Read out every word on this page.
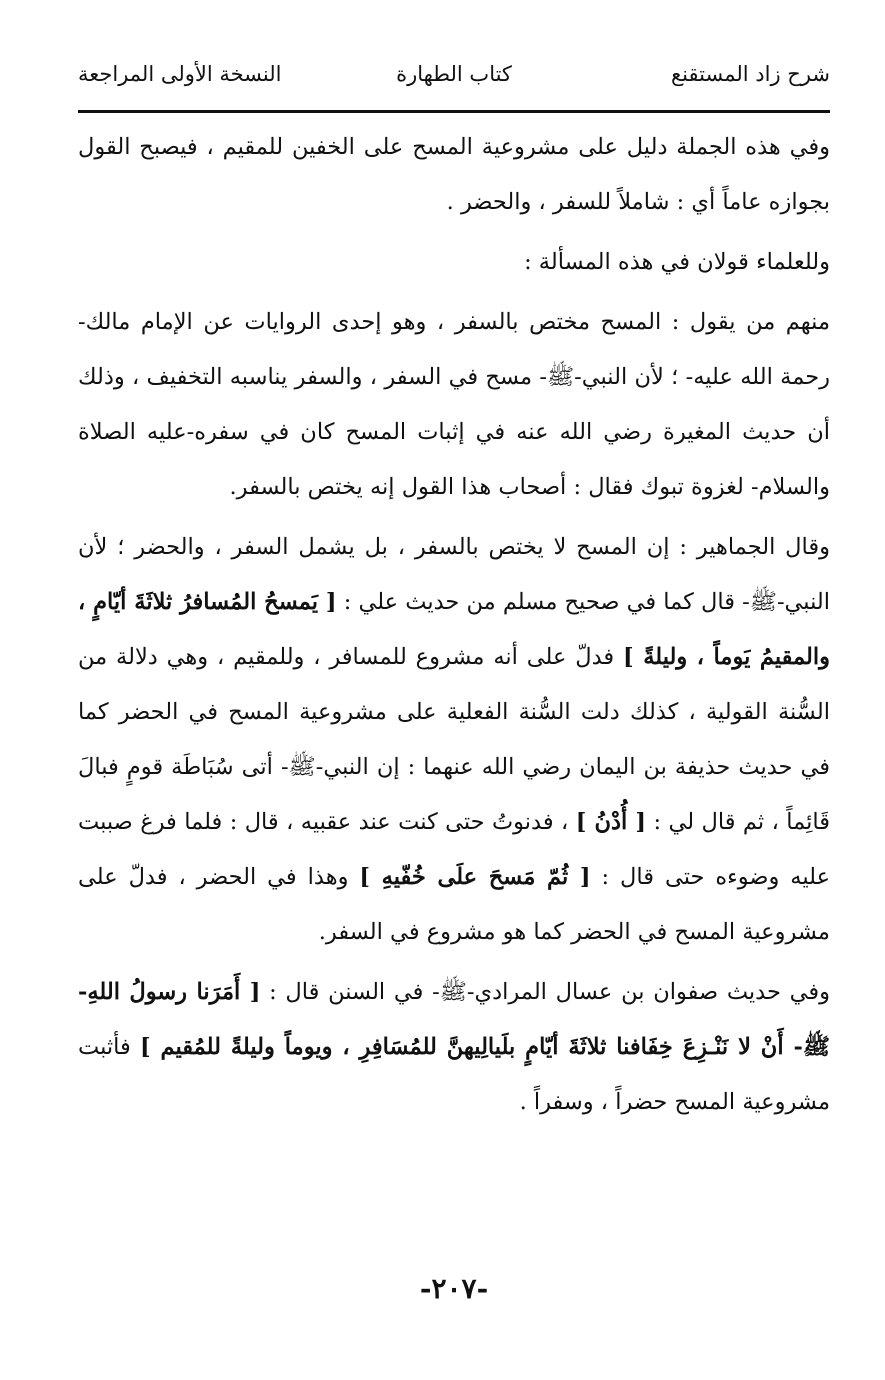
شرح زاد المستقنع
كتاب الطهارة
النسخة الأولى المراجعة

وفي هذه الجملة دليل على مشروعية المسح على الخفين للمقيم ، فيصبح القول بجوازه عاماً أي : شاملاً للسفر ، والحضر .

وللعلماء قولان في هذه المسألة :

منهم من يقول : المسح مختص بالسفر ، وهو إحدى الروايات عن الإمام مالك-رحمة الله عليه- ؛ لأن النبي-ﷺ- مسح في السفر ، والسفر يناسبه التخفيف ، وذلك أن حديث المغيرة رضي الله عنه في إثبات المسح كان في سفره-عليه الصلاة والسلام- لغزوة تبوك فقال : أصحاب هذا القول إنه يختص بالسفر.

وقال الجماهير : إن المسح لا يختص بالسفر ، بل يشمل السفر ، والحضر ؛ لأن النبي-ﷺ- قال كما في صحيح مسلم من حديث علي : [ يَمسحُ المُسافرُ ثلاثَةَ أيّامٍ ، والمقيمُ يَوماً ، وليلةً ] فدلّ على أنه مشروع للمسافر ، وللمقيم ، وهي دلالة من السُّنة القولية ، كذلك دلت السُّنة الفعلية على مشروعية المسح في الحضر كما في حديث حذيفة بن اليمان رضي الله عنهما : إن النبي-ﷺ- أتى سُبَاطَة قومٍ فبالَ قَائِماً ، ثم قال لي : [ أُدْنُ ] ، فدنوتُ حتى كنت عند عقبيه ، قال : فلما فرغ صببت عليه وضوءه حتى قال : [ ثُمّ مَسحَ علَى خُفّيهِ ] وهذا في الحضر ، فدلّ على مشروعية المسح في الحضر كما هو مشروع في السفر.

وفي حديث صفوان بن عسال المرادي-ﷺ- في السنن قال : [ أَمَرَنا رسولُ اللهِ-ﷺ- أَنْ لا نَنْـزِعَ خِفَافنا ثلاثَةَ أيّامٍ بلَيالِيهنَّ للمُسَافِرِ ، ويوماً وليلةً للمُقيم ] فأثبت مشروعية المسح حضراً ، وسفراً .

-٢٠٧-
